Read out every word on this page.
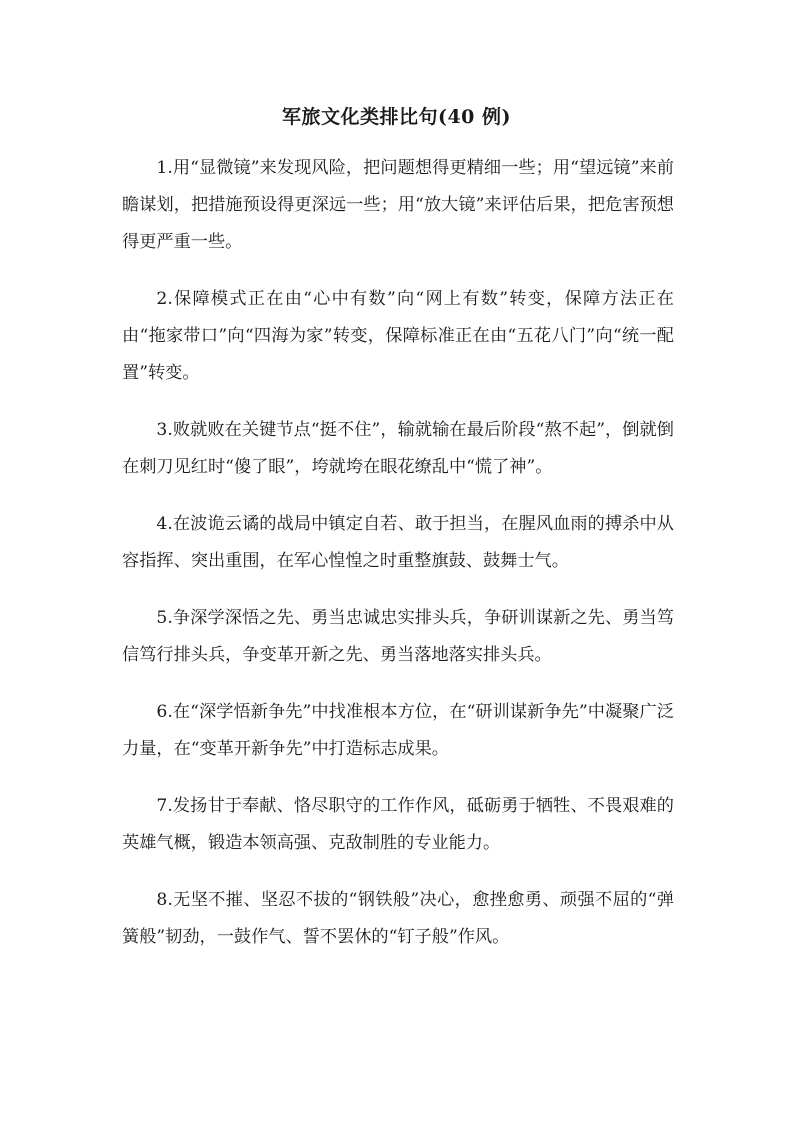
军旅文化类排比句(40 例)

1.用“显微镜”来发现风险，把问题想得更精细一些；用“望远镜”来前瞻谋划，把措施预设得更深远一些；用“放大镜”来评估后果，把危害预想得更严重一些。

2.保障模式正在由“心中有数”向“网上有数”转变，保障方法正在由“拖家带口”向“四海为家”转变，保障标准正在由“五花八门”向“统一配置”转变。

3.败就败在关键节点“挺不住”，输就输在最后阶段“熬不起”，倒就倒在刺刀见红时“傻了眼”，垮就垮在眼花缭乱中“慌了神”。

4.在波诡云谲的战局中镇定自若、敢于担当，在腥风血雨的搏杀中从容指挥、突出重围，在军心惶惶之时重整旗鼓、鼓舞士气。

5.争深学深悟之先、勇当忠诚忠实排头兵，争研训谋新之先、勇当笃信笃行排头兵，争变革开新之先、勇当落地落实排头兵。

6.在“深学悟新争先”中找准根本方位，在“研训谋新争先”中凝聚广泛力量，在“变革开新争先”中打造标志成果。

7.发扬甘于奉献、恪尽职守的工作作风，砥砺勇于牺牲、不畏艰难的英雄气概，锻造本领高强、克敌制胜的专业能力。

8.无坚不摧、坚忍不拔的“钢铁般”决心，愈挫愈勇、顽强不屈的“弹簧般”韧劲，一鼓作气、誓不罢休的“钉子般”作风。
